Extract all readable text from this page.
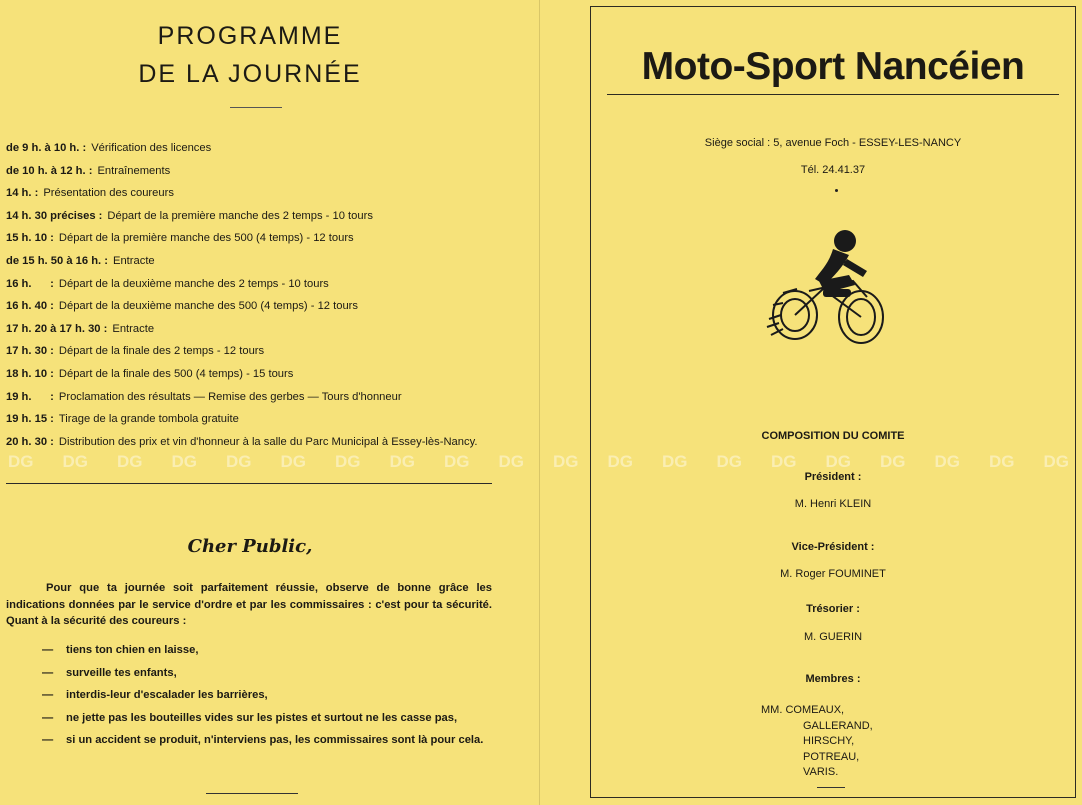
PROGRAMME
DE LA JOURNÉE
de 9 h. à 10 h. : Vérification des licences
de 10 h. à 12 h. : Entraînements
14 h. : Présentation des coureurs
14 h. 30 précises : Départ de la première manche des 2 temps - 10 tours
15 h. 10 : Départ de la première manche des 500 (4 temps) - 12 tours
de 15 h. 50 à 16 h. : Entracte
16 h.      : Départ de la deuxième manche des 2 temps - 10 tours
16 h. 40 : Départ de la deuxième manche des 500 (4 temps) - 12 tours
17 h. 20 à 17 h. 30 : Entracte
17 h. 30 : Départ de la finale des 2 temps - 12 tours
18 h. 10 : Départ de la finale des 500 (4 temps) - 15 tours
19 h.      : Proclamation des résultats — Remise des gerbes — Tours d'honneur
19 h. 15 : Tirage de la grande tombola gratuite
20 h. 30 : Distribution des prix et vin d'honneur à la salle du Parc Municipal à Essey-lès-Nancy.
Cher Public,
Pour que ta journée soit parfaitement réussie, observe de bonne grâce les indications données par le service d'ordre et par les commissaires : c'est pour ta sécurité. Quant à la sécurité des coureurs :
—	tiens ton chien en laisse,
—	surveille tes enfants,
—	interdis-leur d'escalader les barrières,
—	ne jette pas les bouteilles vides sur les pistes et surtout ne les casse pas,
—	si un accident se produit, n'interviens pas, les commissaires sont là pour cela.
Moto-Sport Nancéien
Siège social : 5, avenue Foch - ESSEY-LES-NANCY
Tél. 24.41.37
COMPOSITION DU COMITE
Président :
M. Henri KLEIN
Vice-Président :
M. Roger FOUMINET
Trésorier :
M. GUERIN
Membres :
MM. COMEAUX,
GALLERAND,
HIRSCHY,
POTREAU,
VARIS.
DG DG DG DG DG DG DG DG DG DG DG DG DG DG DG DG DG DG DG DG
